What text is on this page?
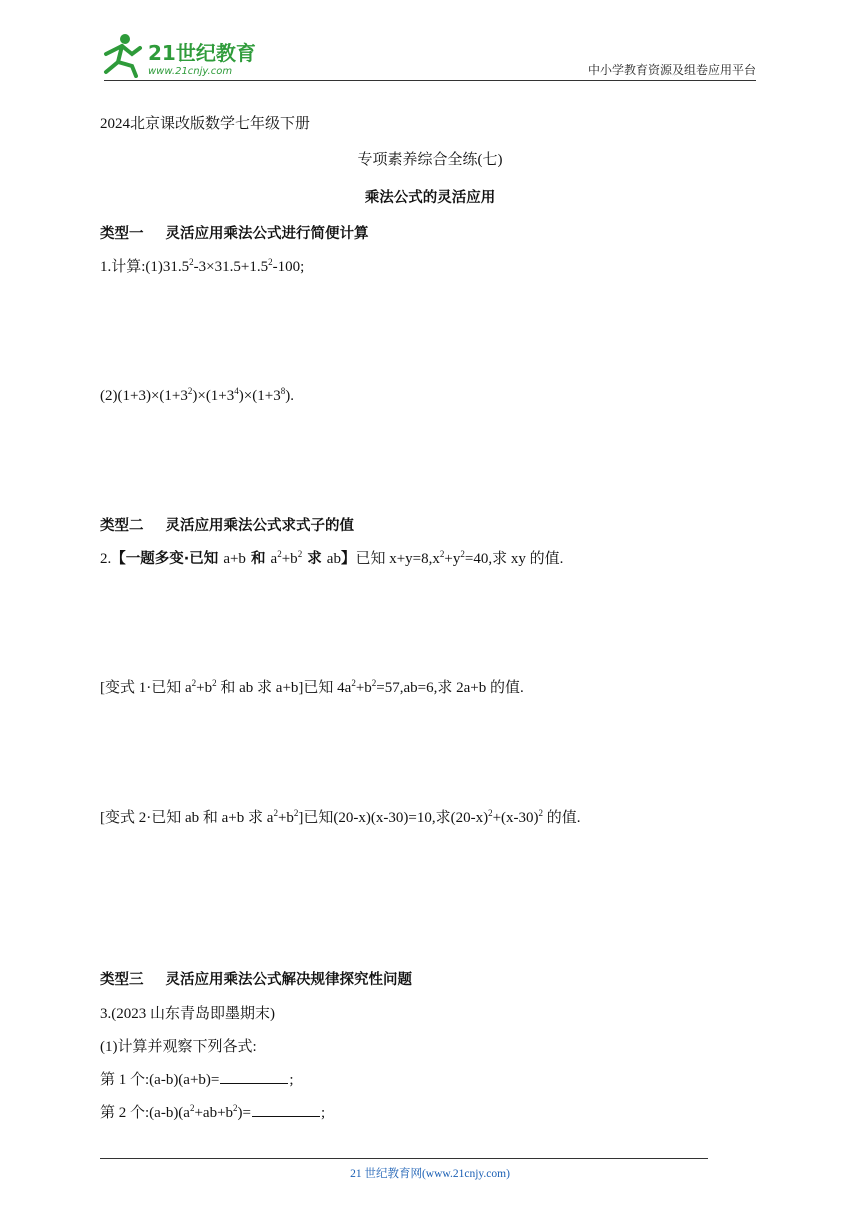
21世纪教育
www.21cnjy.com	中小学教育资源及组卷应用平台
2024北京课改版数学七年级下册
专项素养综合全练(七)
乘法公式的灵活应用
类型一 灵活应用乘法公式进行简便计算
1.计算$:(1)31.5^2-3\times 31.5+1.5^2-100$;
$(2)(1+3)\times(1+3^2)\times(1+3^4)\times(1+3^8)$.
类型二 灵活应用乘法公式求式子的值
2.【一题多变·已知 a+b 和 $a^2+b^2$ 求 ab】已知 $x+y=8,x^2+y^2=40$,求 xy 的值.
[变式 1·已知 $a^2+b^2$ 和 ab 求 a+b]已知 $4a^2+b^2=57,ab=6$,求 2a+b 的值.
[变式 2·已知 ab 和 a+b 求 $a^2+b^2$]已知(20-x)(x-30)=10,求$(20-x)^2+(x-30)^2$ 的值.
类型三 灵活应用乘法公式解决规律探究性问题
3.(2023 山东青岛即墨期末)
(1)计算并观察下列各式:
第 1 个:(a-b)(a+b)=	;
第 2 个$:(a-b)(a^2+ab+b^2)=$	;
21 世纪教育网(www.21cnjy.com)
